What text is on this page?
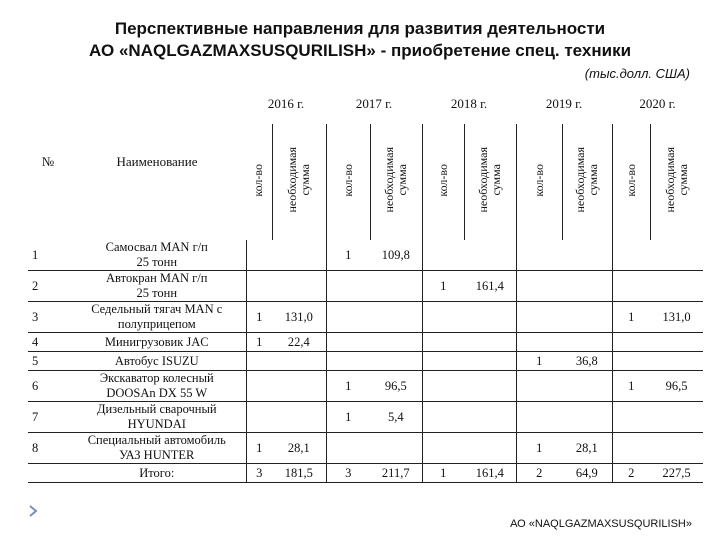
Перспективные направления для развития деятельности
АО «NAQLGAZMAXSUSQURILISH» - приобретение спец. техники
(тыс.долл. США)
№	Наименование	2016 г.		2017 г.		2018 г.		2019 г.		2020 г.	
		кол-во	необходимая
сумма	кол-во	необходимая
сумма	кол-во	необходимая
сумма	кол-во	необходимая
сумма	кол-во	необходимая
сумма
1	Самосвал MAN г/п
25 тонн			1	109,8						
2	Автокран MAN г/п
25 тонн					1	161,4				
3	Седельный тягач MAN с
полуприцепом	1	131,0							1	131,0
4	Минигрузовик JAC	1	22,4								
5	Автобус ISUZU							1	36,8		
6	Экскаватор колесный
DOOSAn DX 55 W			1	96,5					1	96,5
7	Дизельный сварочный
HYUNDAI			1	5,4						
8	Специальный автомобиль
УАЗ HUNTER	1	28,1					1	28,1		
	Итого:	3	181,5	3	211,7	1	161,4	2	64,9	2	227,5
АО «NAQLGAZMAXSUSQURILISH»
